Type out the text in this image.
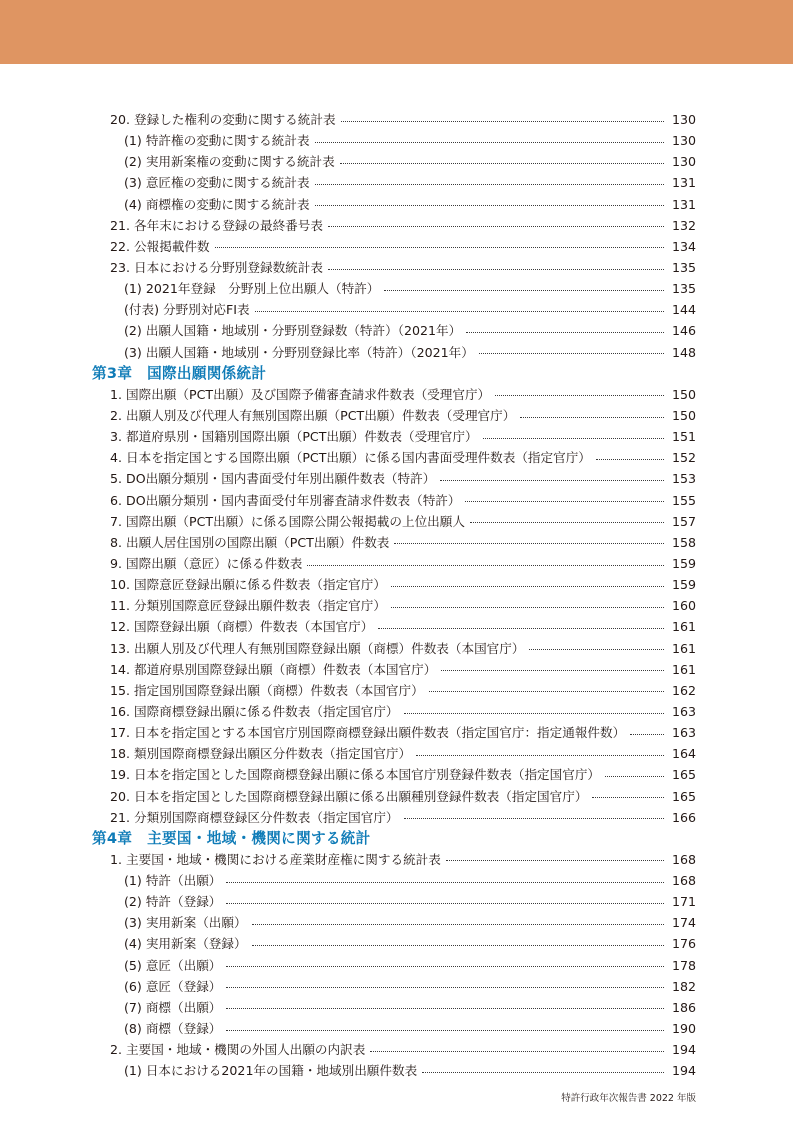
20. 登録した権利の変動に関する統計表	130
(1) 特許権の変動に関する統計表	130
(2) 実用新案権の変動に関する統計表	130
(3) 意匠権の変動に関する統計表	131
(4) 商標権の変動に関する統計表	131
21. 各年末における登録の最終番号表	132
22. 公報掲載件数	134
23. 日本における分野別登録数統計表	135
(1) 2021年登録　分野別上位出願人（特許）	135
(付表) 分野別対応FI表	144
(2) 出願人国籍・地域別・分野別登録数（特許）（2021年）	146
(3) 出願人国籍・地域別・分野別登録比率（特許）（2021年）	148
第3章　国際出願関係統計
1. 国際出願（PCT出願）及び国際予備審査請求件数表（受理官庁）	150
2. 出願人別及び代理人有無別国際出願（PCT出願）件数表（受理官庁）	150
3. 都道府県別・国籍別国際出願（PCT出願）件数表（受理官庁）	151
4. 日本を指定国とする国際出願（PCT出願）に係る国内書面受理件数表（指定官庁）	152
5. DO出願分類別・国内書面受付年別出願件数表（特許）	153
6. DO出願分類別・国内書面受付年別審査請求件数表（特許）	155
7. 国際出願（PCT出願）に係る国際公開公報掲載の上位出願人	157
8. 出願人居住国別の国際出願（PCT出願）件数表	158
9. 国際出願（意匠）に係る件数表	159
10. 国際意匠登録出願に係る件数表（指定官庁）	159
11. 分類別国際意匠登録出願件数表（指定官庁）	160
12. 国際登録出願（商標）件数表（本国官庁）	161
13. 出願人別及び代理人有無別国際登録出願（商標）件数表（本国官庁）	161
14. 都道府県別国際登録出願（商標）件数表（本国官庁）	161
15. 指定国別国際登録出願（商標）件数表（本国官庁）	162
16. 国際商標登録出願に係る件数表（指定国官庁）	163
17. 日本を指定国とする本国官庁別国際商標登録出願件数表（指定国官庁：指定通報件数）	163
18. 類別国際商標登録出願区分件数表（指定国官庁）	164
19. 日本を指定国とした国際商標登録出願に係る本国官庁別登録件数表（指定国官庁）	165
20. 日本を指定国とした国際商標登録出願に係る出願種別登録件数表（指定国官庁）	165
21. 分類別国際商標登録区分件数表（指定国官庁）	166
第4章　主要国・地域・機関に関する統計
1. 主要国・地域・機関における産業財産権に関する統計表	168
(1) 特許（出願）	168
(2) 特許（登録）	171
(3) 実用新案（出願）	174
(4) 実用新案（登録）	176
(5) 意匠（出願）	178
(6) 意匠（登録）	182
(7) 商標（出願）	186
(8) 商標（登録）	190
2. 主要国・地域・機関の外国人出願の内訳表	194
(1) 日本における2021年の国籍・地域別出願件数表	194
特許行政年次報告書 2022 年版
